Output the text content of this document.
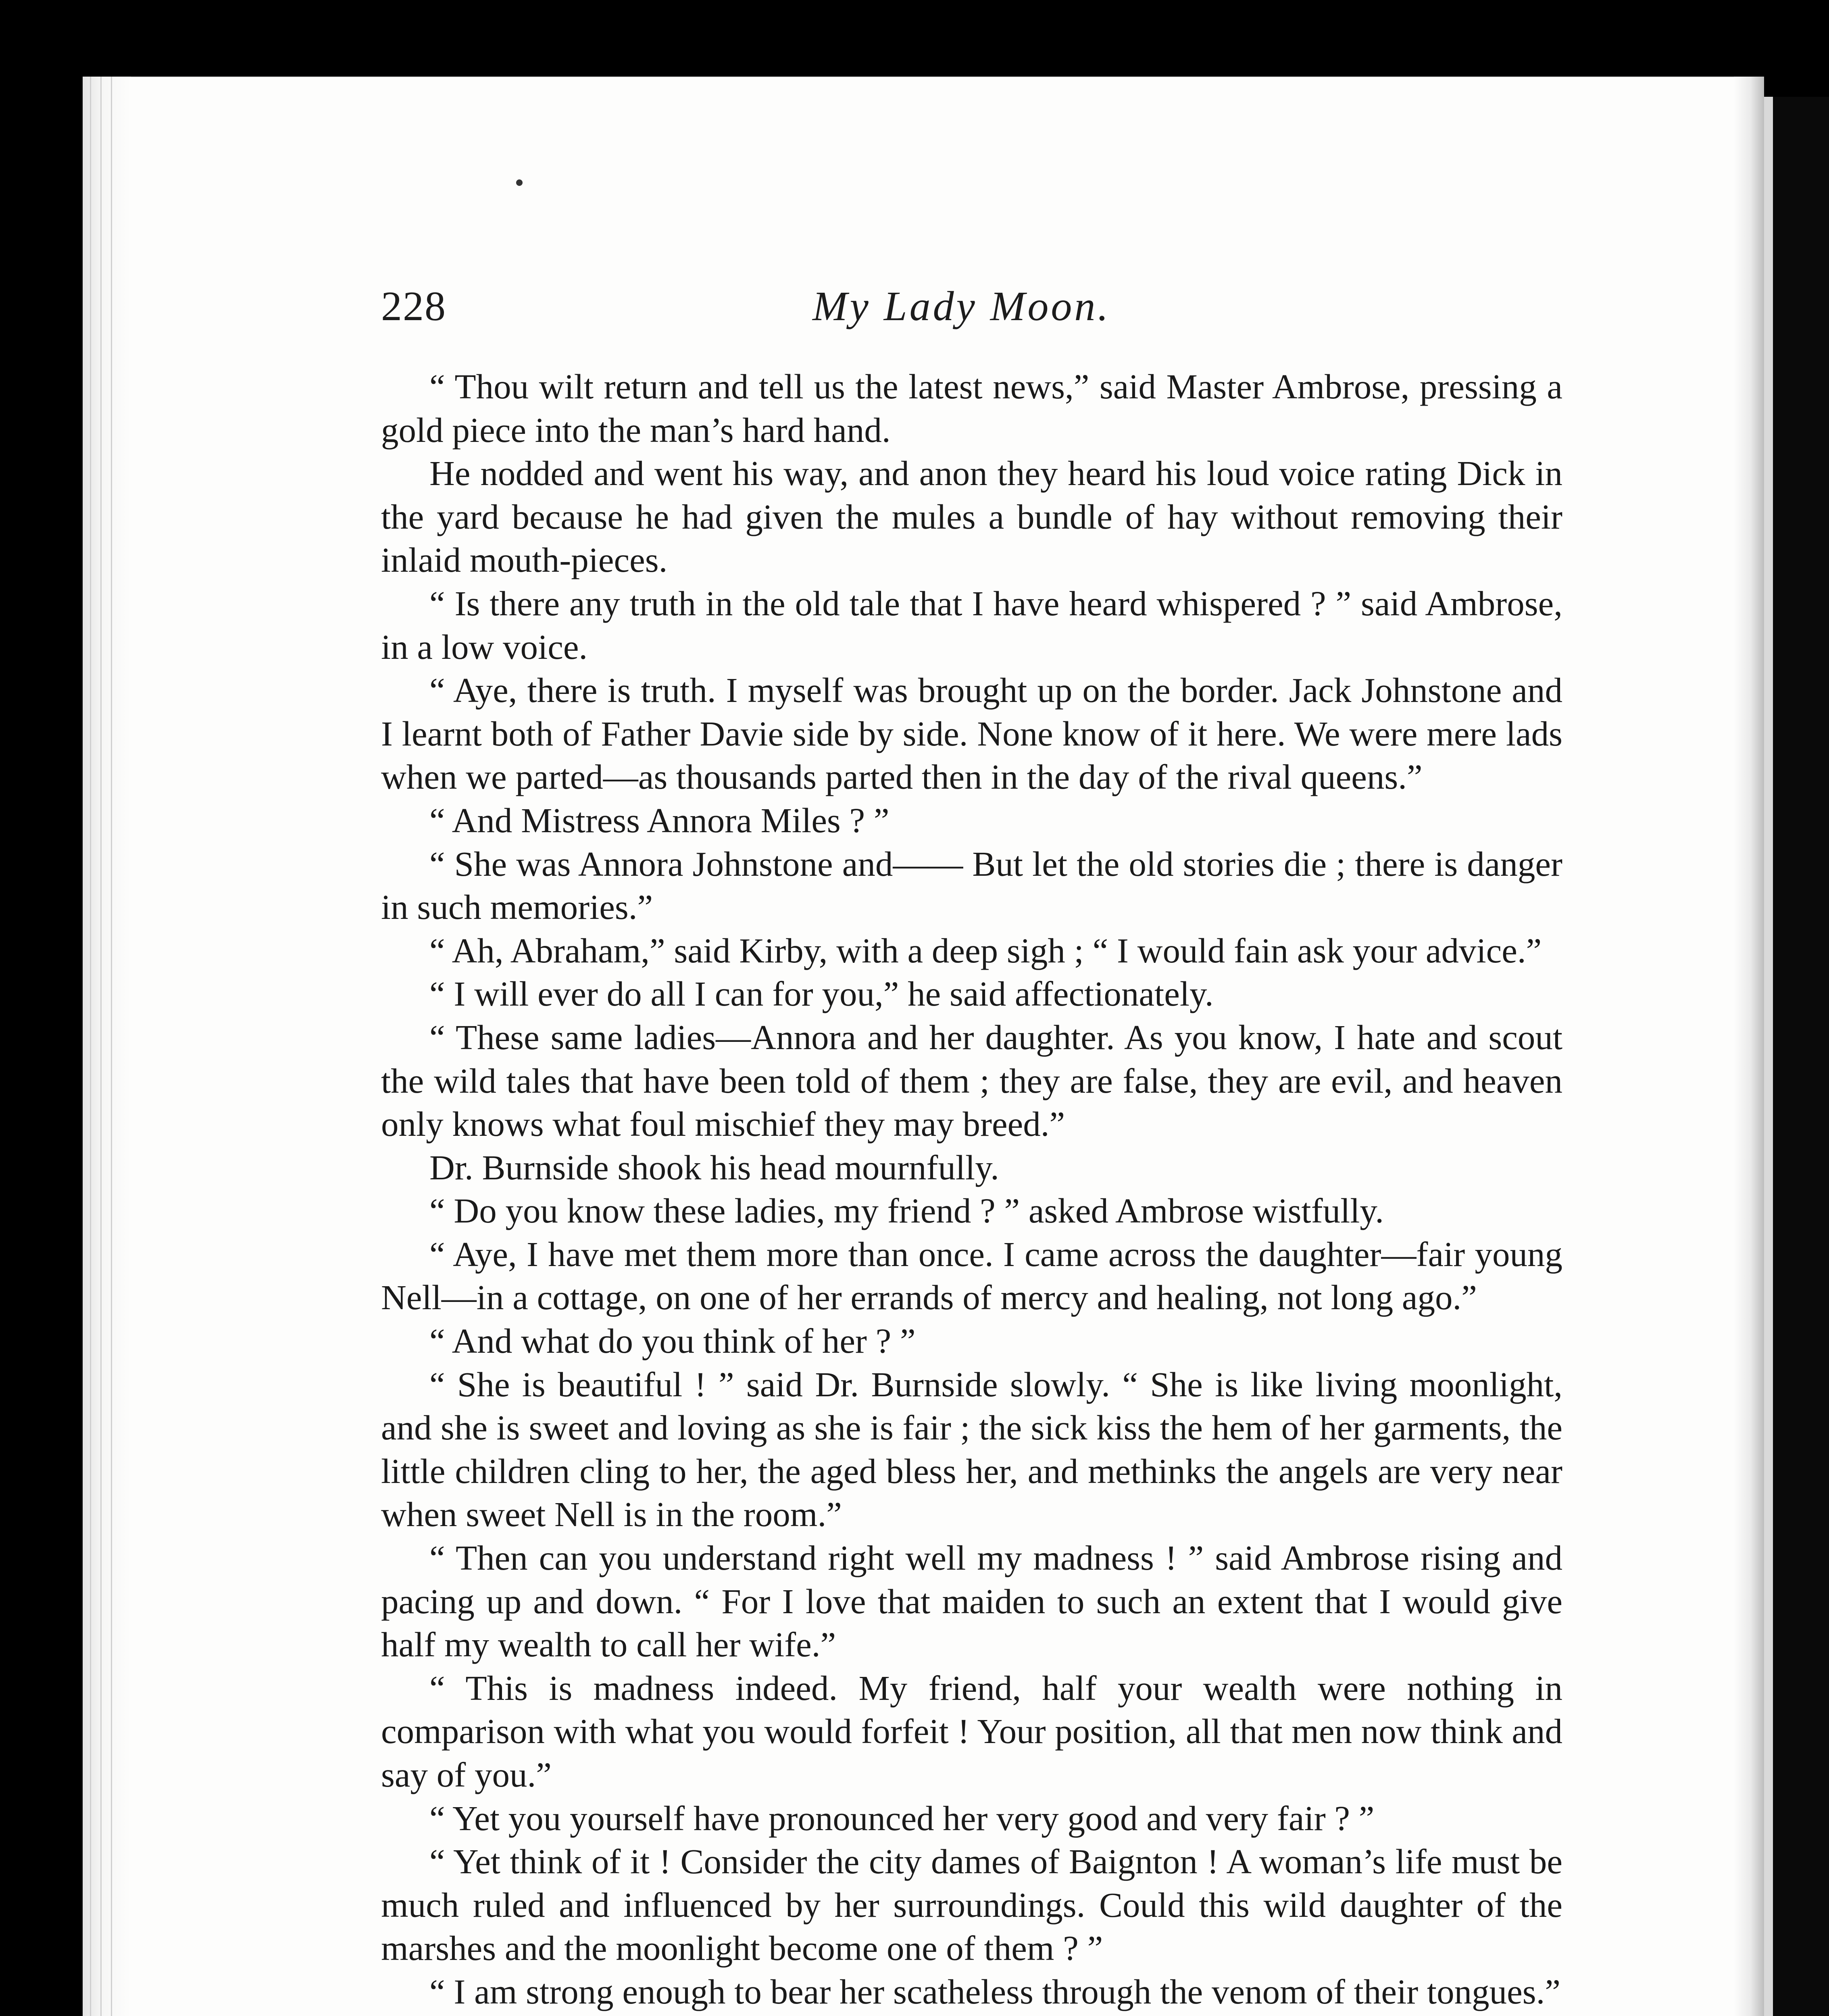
228	My Lady Moon.

“ Thou wilt return and tell us the latest news,” said Master Ambrose, pressing a gold piece into the man’s hard hand.

He nodded and went his way, and anon they heard his loud voice rating Dick in the yard because he had given the mules a bundle of hay without removing their inlaid mouth-pieces.

“ Is there any truth in the old tale that I have heard whispered ? ” said Ambrose, in a low voice.

“ Aye, there is truth. I myself was brought up on the border. Jack Johnstone and I learnt both of Father Davie side by side. None know of it here. We were mere lads when we parted—as thousands parted then in the day of the rival queens.”

“ And Mistress Annora Miles ? ”

“ She was Annora Johnstone and—— But let the old stories die ; there is danger in such memories.”

“ Ah, Abraham,” said Kirby, with a deep sigh ; “ I would fain ask your advice.”

“ I will ever do all I can for you,” he said affectionately.

“ These same ladies—Annora and her daughter. As you know, I hate and scout the wild tales that have been told of them ; they are false, they are evil, and heaven only knows what foul mischief they may breed.”

Dr. Burnside shook his head mournfully.

“ Do you know these ladies, my friend ? ” asked Ambrose wistfully.

“ Aye, I have met them more than once. I came across the daughter—fair young Nell—in a cottage, on one of her errands of mercy and healing, not long ago.”

“ And what do you think of her ? ”

“ She is beautiful ! ” said Dr. Burnside slowly. “ She is like living moonlight, and she is sweet and loving as she is fair ; the sick kiss the hem of her garments, the little children cling to her, the aged bless her, and methinks the angels are very near when sweet Nell is in the room.”

“ Then can you understand right well my madness ! ” said Ambrose rising and pacing up and down. “ For I love that maiden to such an extent that I would give half my wealth to call her wife.”

“ This is madness indeed. My friend, half your wealth were nothing in comparison with what you would forfeit ! Your position, all that men now think and say of you.”

“ Yet you yourself have pronounced her very good and very fair ? ”

“ Yet think of it ! Consider the city dames of Baignton ! A woman’s life must be much ruled and influenced by her surroundings. Could this wild daughter of the marshes and the moonlight become one of them ? ”

“ I am strong enough to bear her scatheless through the venom of their tongues.”
